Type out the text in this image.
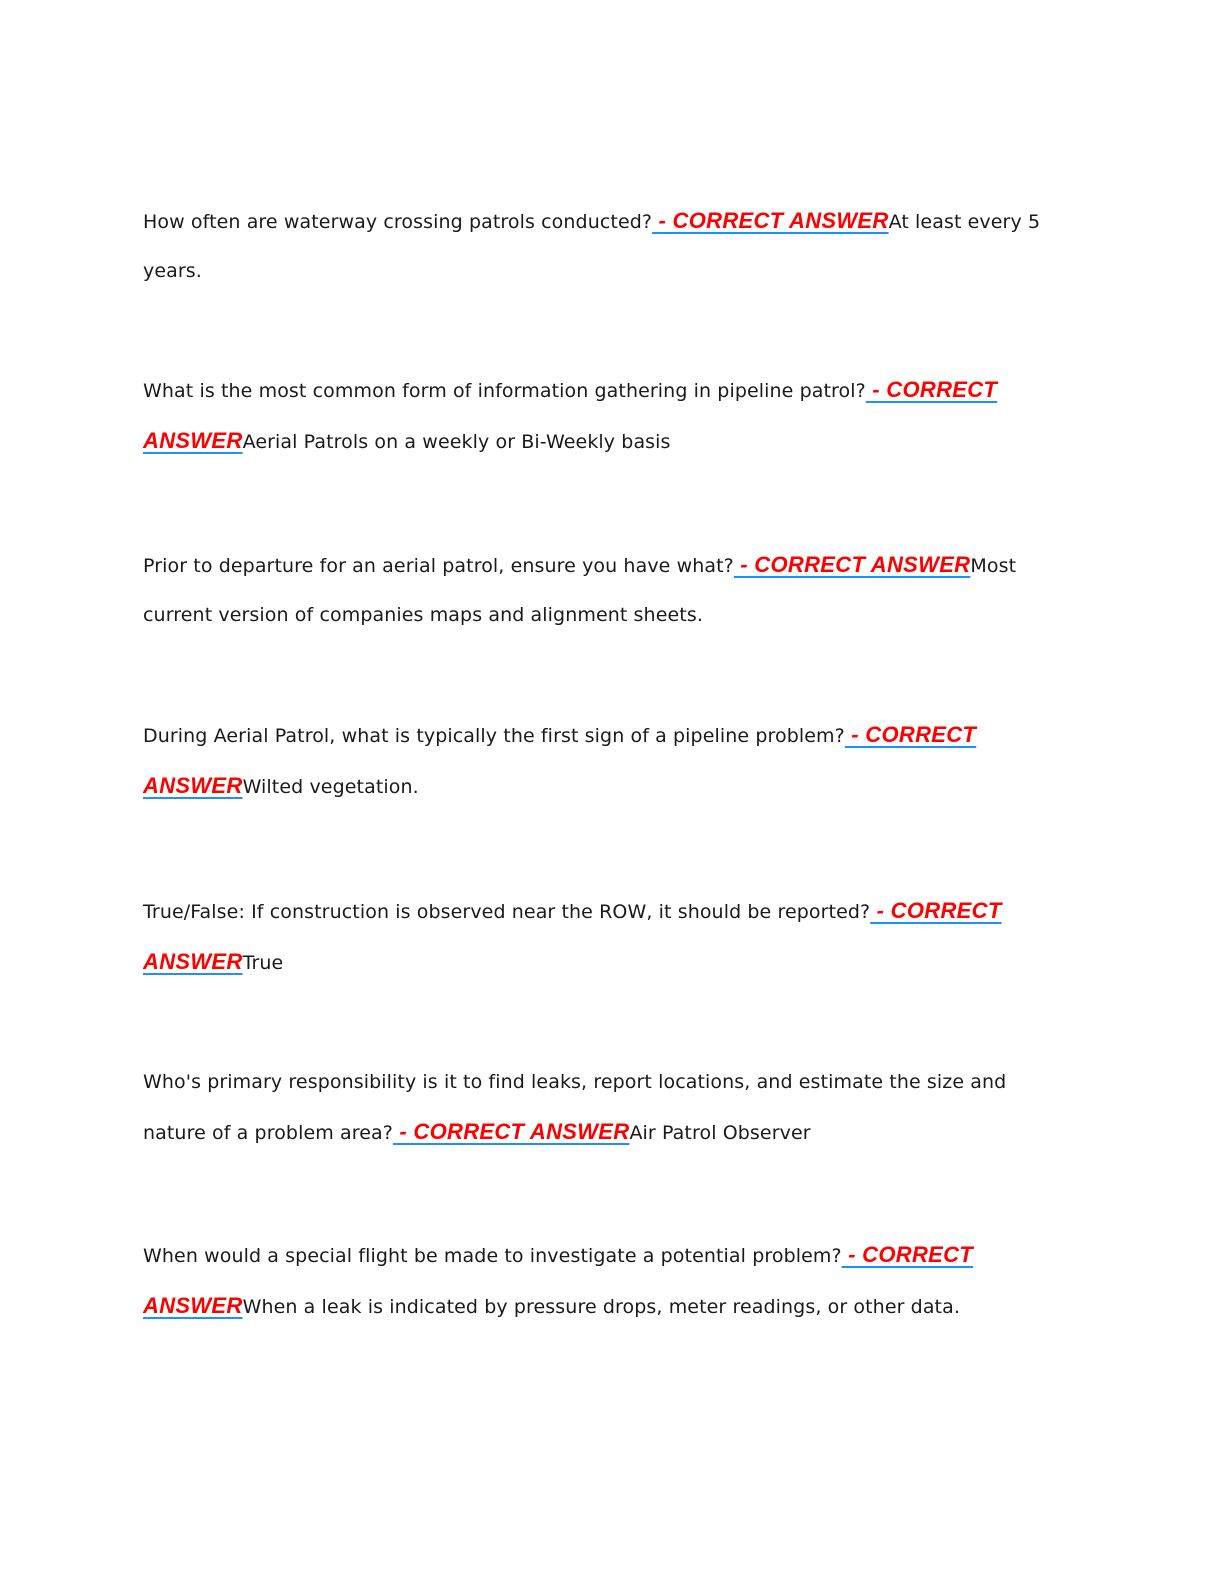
How often are waterway crossing patrols conducted? - CORRECT ANSWERAt least every 5 years.

What is the most common form of information gathering in pipeline patrol? - CORRECT ANSWERAerial Patrols on a weekly or Bi-Weekly basis

Prior to departure for an aerial patrol, ensure you have what? - CORRECT ANSWERMost current version of companies maps and alignment sheets.

During Aerial Patrol, what is typically the first sign of a pipeline problem? - CORRECT ANSWERWilted vegetation.

True/False: If construction is observed near the ROW, it should be reported? - CORRECT ANSWERTrue

Who's primary responsibility is it to find leaks, report locations, and estimate the size and nature of a problem area? - CORRECT ANSWERAir Patrol Observer

When would a special flight be made to investigate a potential problem? - CORRECT ANSWERWhen a leak is indicated by pressure drops, meter readings, or other data.
